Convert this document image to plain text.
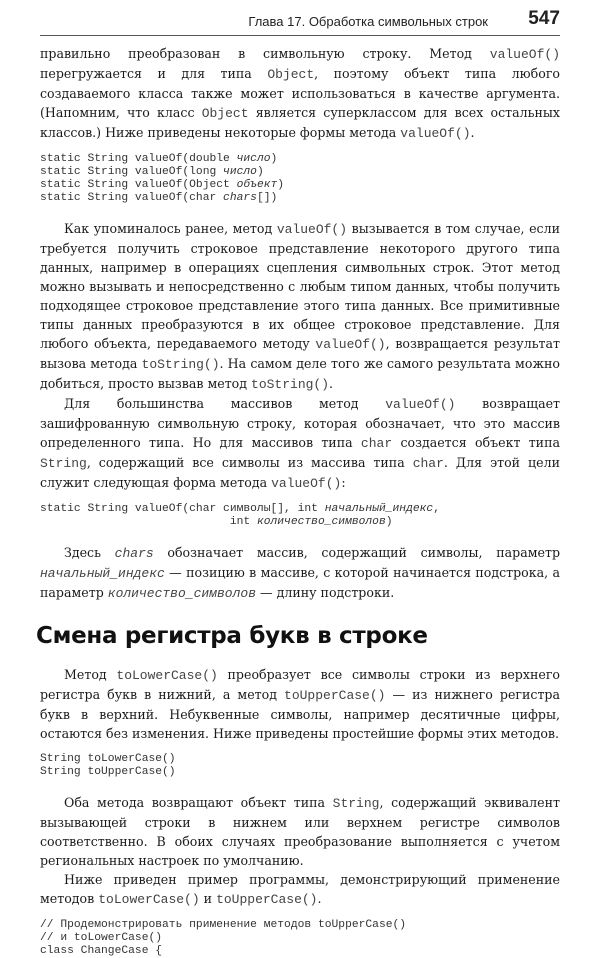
Глава 17. Обработка символьных строк 547

правильно преобразован в символьную строку. Метод valueOf() перегружается и для типа Object, поэтому объект типа любого создаваемого класса также может использоваться в качестве аргумента. (Напомним, что класс Object является суперклассом для всех остальных классов.) Ниже приведены некоторые формы метода valueOf().

static String valueOf(double число)
static String valueOf(long число)
static String valueOf(Object объект)
static String valueOf(char chars[])

Как упоминалось ранее, метод valueOf() вызывается в том случае, если требуется получить строковое представление некоторого другого типа данных, например в операциях сцепления символьных строк. Этот метод можно вызывать и непосредственно с любым типом данных, чтобы получить подходящее строковое представление этого типа данных. Все примитивные типы данных преобразуются в их общее строковое представление. Для любого объекта, передаваемого методу valueOf(), возвращается результат вызова метода toString(). На самом деле того же самого результата можно добиться, просто вызвав метод toString().

Для большинства массивов метод valueOf() возвращает зашифрованную символьную строку, которая обозначает, что это массив определенного типа. Но для массивов типа char создается объект типа String, содержащий все символы из массива типа char. Для этой цели служит следующая форма метода valueOf():

static String valueOf(char символы[], int начальный_индекс,
int количество_символов)

Здесь chars обозначает массив, содержащий символы, параметр начальный_индекс — позицию в массиве, с которой начинается подстрока, а параметр количество_символов — длину подстроки.

Смена регистра букв в строке

Метод toLowerCase() преобразует все символы строки из верхнего регистра букв в нижний, а метод toUpperCase() — из нижнего регистра букв в верхний. Небуквенные символы, например десятичные цифры, остаются без изменения. Ниже приведены простейшие формы этих методов.

String toLowerCase()
String toUpperCase()

Оба метода возвращают объект типа String, содержащий эквивалент вызывающей строки в нижнем или верхнем регистре символов соответственно. В обоих случаях преобразование выполняется с учетом региональных настроек по умолчанию.

Ниже приведен пример программы, демонстрирующий применение методов toLowerCase() и toUpperCase().

// Продемонстрировать применение методов toUpperCase()
// и toLowerCase()
class ChangeCase {
